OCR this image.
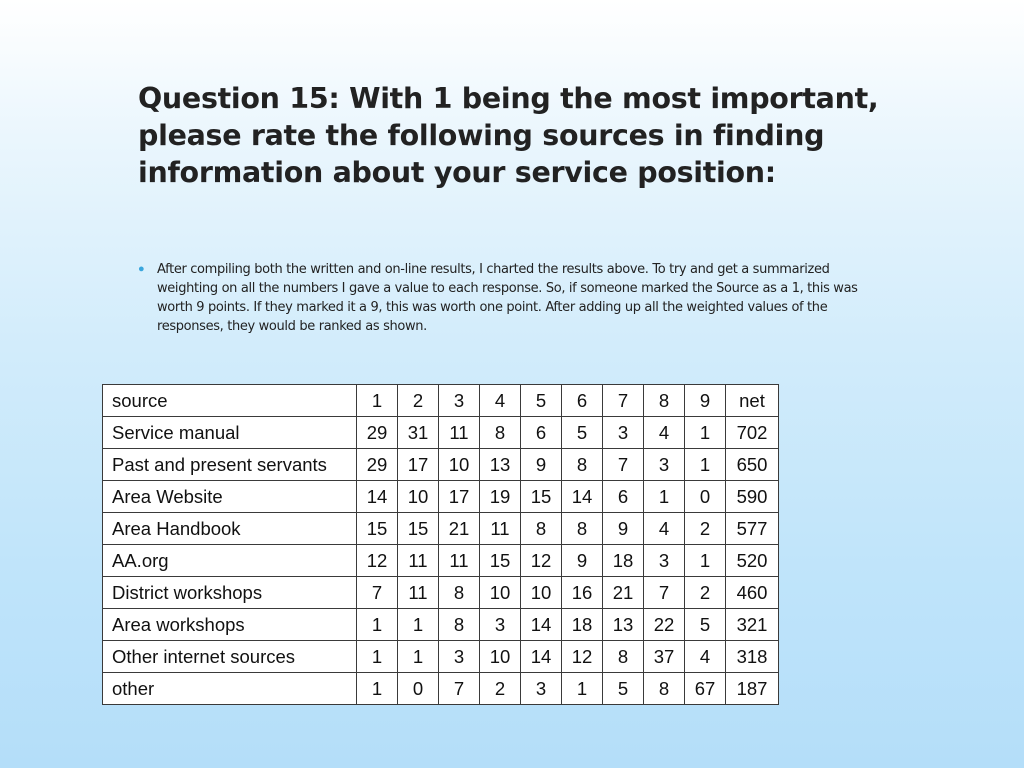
Question 15: With 1 being the most important, please rate the following sources in finding information about your service position:
● After compiling both the written and on-line results, I charted the results above. To try and get a summarized weighting on all the numbers I gave a value to each response. So, if someone marked the Source as a 1, this was worth 9 points. If they marked it a 9, this was worth one point. After adding up all the weighted values of the responses, they would be ranked as shown.

source	1	2	3	4	5	6	7	8	9	net
Service manual	29	31	11	8	6	5	3	4	1	702
Past and present servants	29	17	10	13	9	8	7	3	1	650
Area Website	14	10	17	19	15	14	6	1	0	590
Area Handbook	15	15	21	11	8	8	9	4	2	577
AA.org	12	11	11	15	12	9	18	3	1	520
District workshops	7	11	8	10	10	16	21	7	2	460
Area workshops	1	1	8	3	14	18	13	22	5	321
Other internet sources	1	1	3	10	14	12	8	37	4	318
other	1	0	7	2	3	1	5	8	67	187
